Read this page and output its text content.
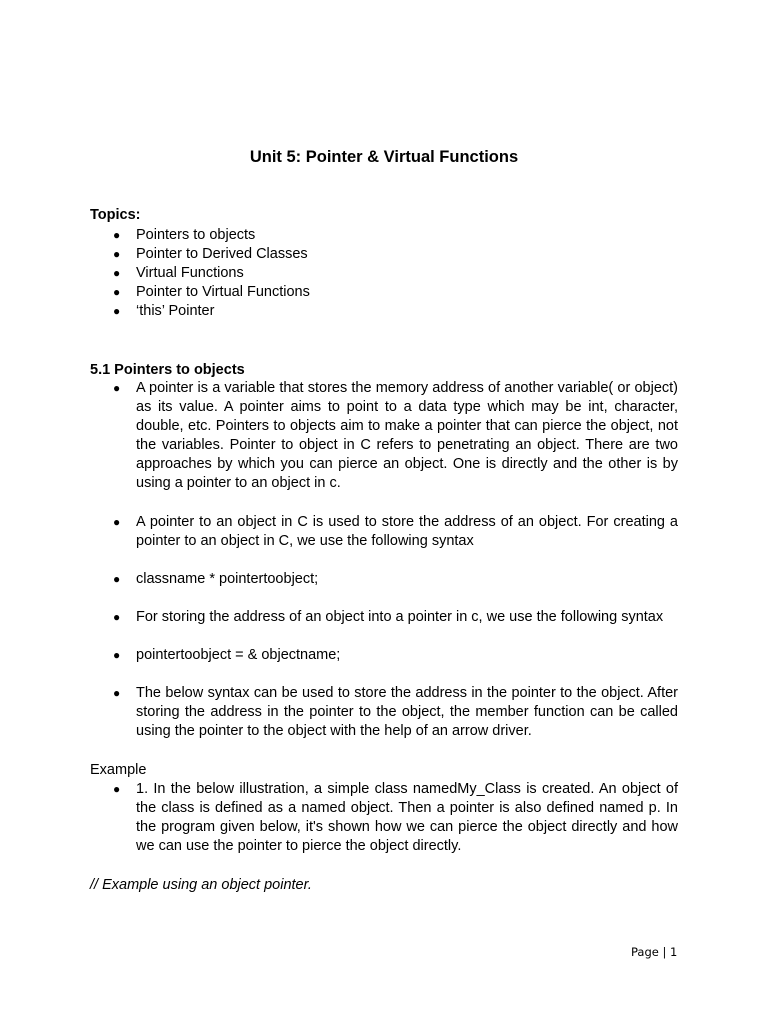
Unit 5: Pointer & Virtual Functions
Topics:
● Pointers to objects
● Pointer to Derived Classes
● Virtual Functions
● Pointer to Virtual Functions
● ‘this’ Pointer
5.1 Pointers to objects
● A pointer is a variable that stores the memory address of another variable( or object) as its value. A pointer aims to point to a data type which may be int, character, double, etc. Pointers to objects aim to make a pointer that can pierce the object, not the variables. Pointer to object in C refers to penetrating an object. There are two approaches by which you can pierce an object. One is directly and the other is by using a pointer to an object in c.
● A pointer to an object in C is used to store the address of an object. For creating a pointer to an object in C, we use the following syntax
● classname * pointertoobject;
● For storing the address of an object into a pointer in c, we use the following syntax
● pointertoobject = & objectname;
● The below syntax can be used to store the address in the pointer to the object. After storing the address in the pointer to the object, the member function can be called using the pointer to the object with the help of an arrow driver.
Example
● 1. In the below illustration, a simple class namedMy_Class is created. An object of the class is defined as a named object. Then a pointer is also defined named p. In the program given below, it's shown how we can pierce the object directly and how we can use the pointer to pierce the object directly.
// Example using an object pointer.
Page | 1
